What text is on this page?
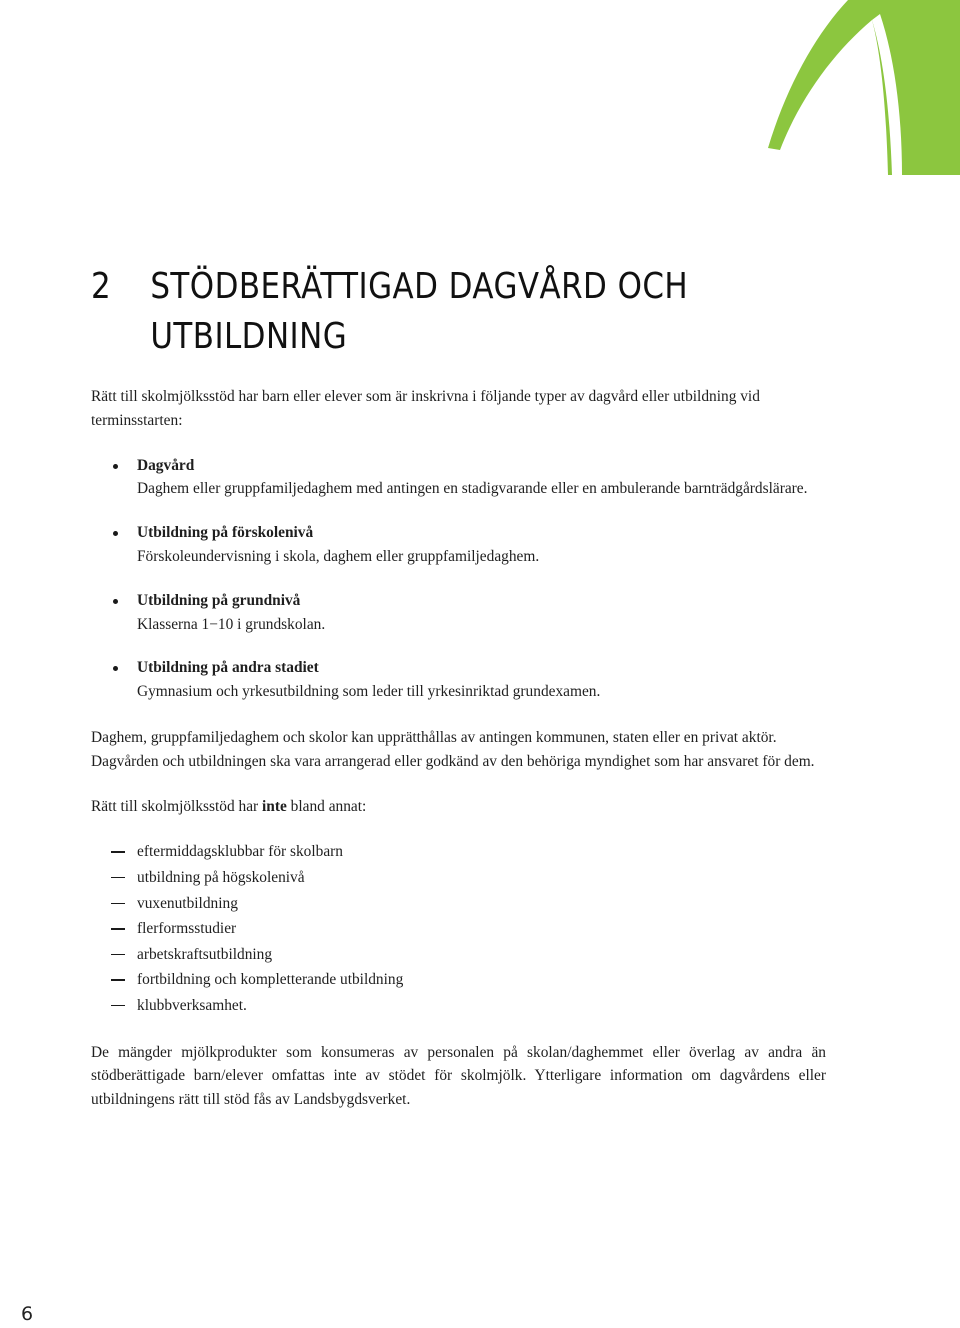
2 STÖDBERÄTTIGAD DAGVÅRD OCH
UTBILDNING

Rätt till skolmjölksstöd har barn eller elever som är inskrivna i följande typer av dagvård eller utbildning vid terminsstarten:

Dagvård
Daghem eller gruppfamiljedaghem med antingen en stadigvarande eller en ambulerande barnträdgårdslärare.
Utbildning på förskolenivå
Förskoleundervisning i skola, daghem eller gruppfamiljedaghem.
Utbildning på grundnivå
Klasserna 1−10 i grundskolan.
Utbildning på andra stadiet
Gymnasium och yrkesutbildning som leder till yrkesinriktad grundexamen.

Daghem, gruppfamiljedaghem och skolor kan upprätthållas av antingen kommunen, staten eller en privat aktör. Dagvården och utbildningen ska vara arrangerad eller godkänd av den behöriga myndighet som har ansvaret för dem.

Rätt till skolmjölksstöd har inte bland annat:

eftermiddagsklubbar för skolbarn
utbildning på högskolenivå
vuxenutbildning
flerformsstudier
arbetskraftsutbildning
fortbildning och kompletterande utbildning
klubbverksamhet.

De mängder mjölkprodukter som konsumeras av personalen på skolan/daghemmet eller överlag av andra än stödberättigade barn/elever omfattas inte av stödet för skolmjölk. Ytterligare information om dagvårdens eller utbildningens rätt till stöd fås av Landsbygdsverket.

6
